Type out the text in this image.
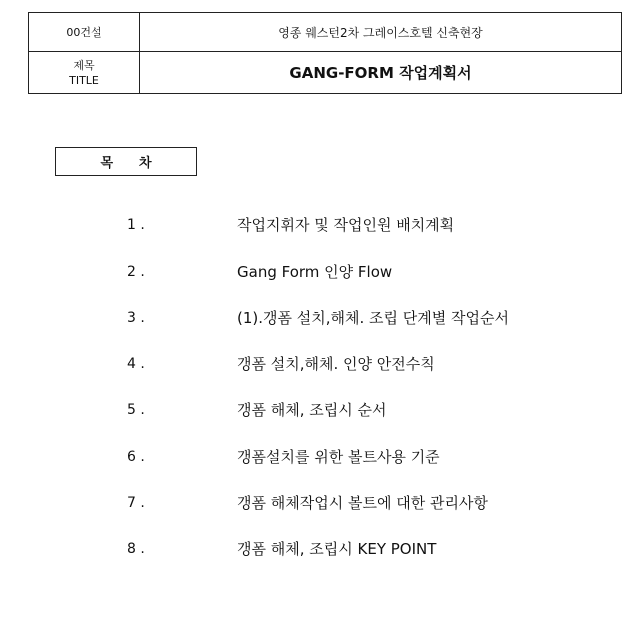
00건설	영종 웨스턴2차 그레이스호텔 신축현장
제목
TITLE	GANG-FORM 작업계획서
목차
1 .	작업지휘자 및 작업인원 배치계획
2 .	Gang Form 인양 Flow
3 .	(1).갱폼 설치,해체. 조립 단계별 작업순서
4 .	갱폼 설치,해체. 인양 안전수칙
5 .	갱폼 해체, 조립시 순서
6 .	갱폼설치를 위한 볼트사용 기준
7 .	갱폼 해체작업시 볼트에 대한 관리사항
8 .	갱폼 해체, 조립시 KEY POINT
